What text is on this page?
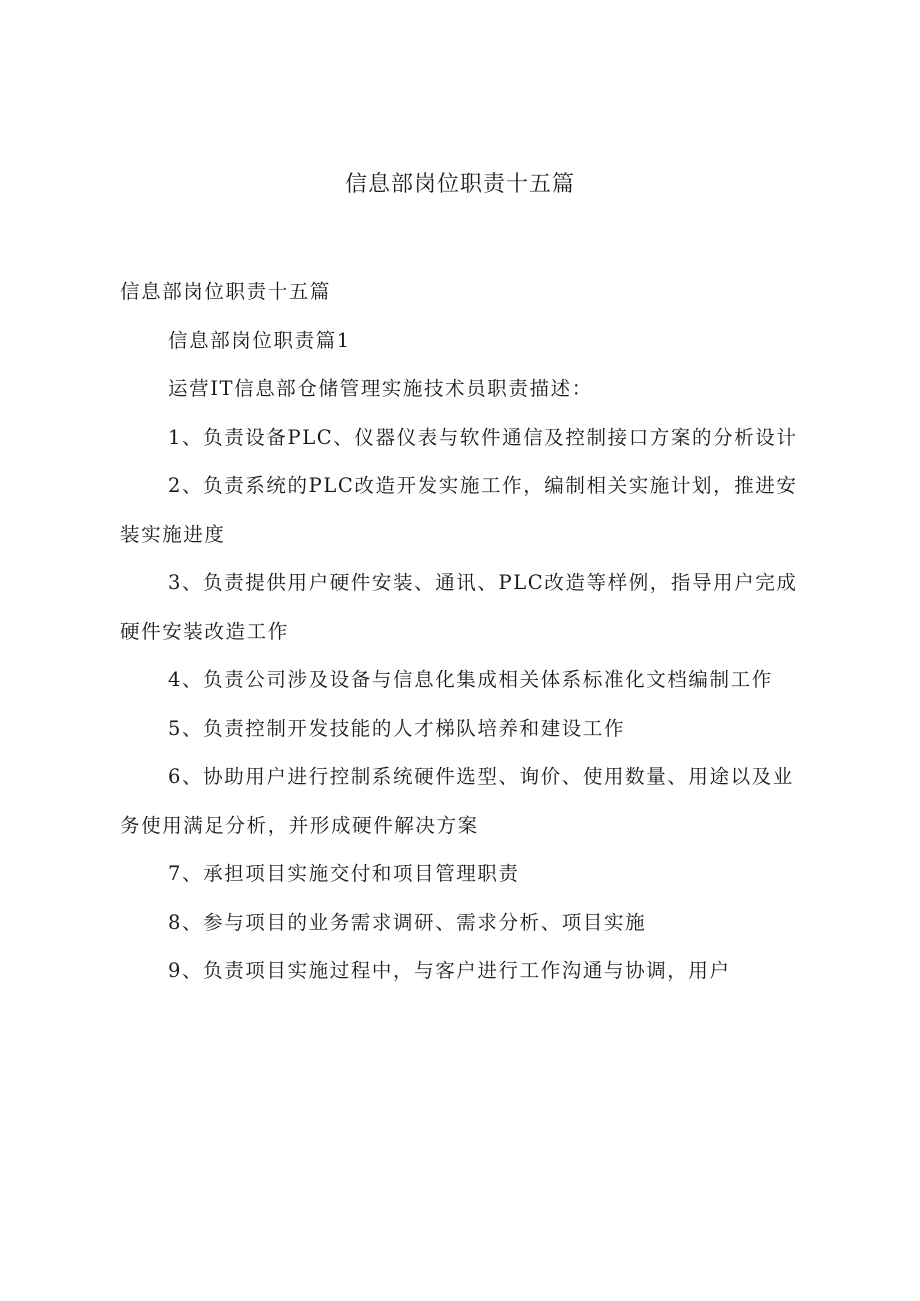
信息部岗位职责十五篇

信息部岗位职责十五篇

信息部岗位职责篇1

运营IT信息部仓储管理实施技术员职责描述：

1、负责设备PLC、仪器仪表与软件通信及控制接口方案的分析设计

2、负责系统的PLC改造开发实施工作，编制相关实施计划，推进安装实施进度

3、负责提供用户硬件安装、通讯、PLC改造等样例，指导用户完成硬件安装改造工作

4、负责公司涉及设备与信息化集成相关体系标准化文档编制工作

5、负责控制开发技能的人才梯队培养和建设工作

6、协助用户进行控制系统硬件选型、询价、使用数量、用途以及业务使用满足分析，并形成硬件解决方案

7、承担项目实施交付和项目管理职责

8、参与项目的业务需求调研、需求分析、项目实施

9、负责项目实施过程中，与客户进行工作沟通与协调，用户
